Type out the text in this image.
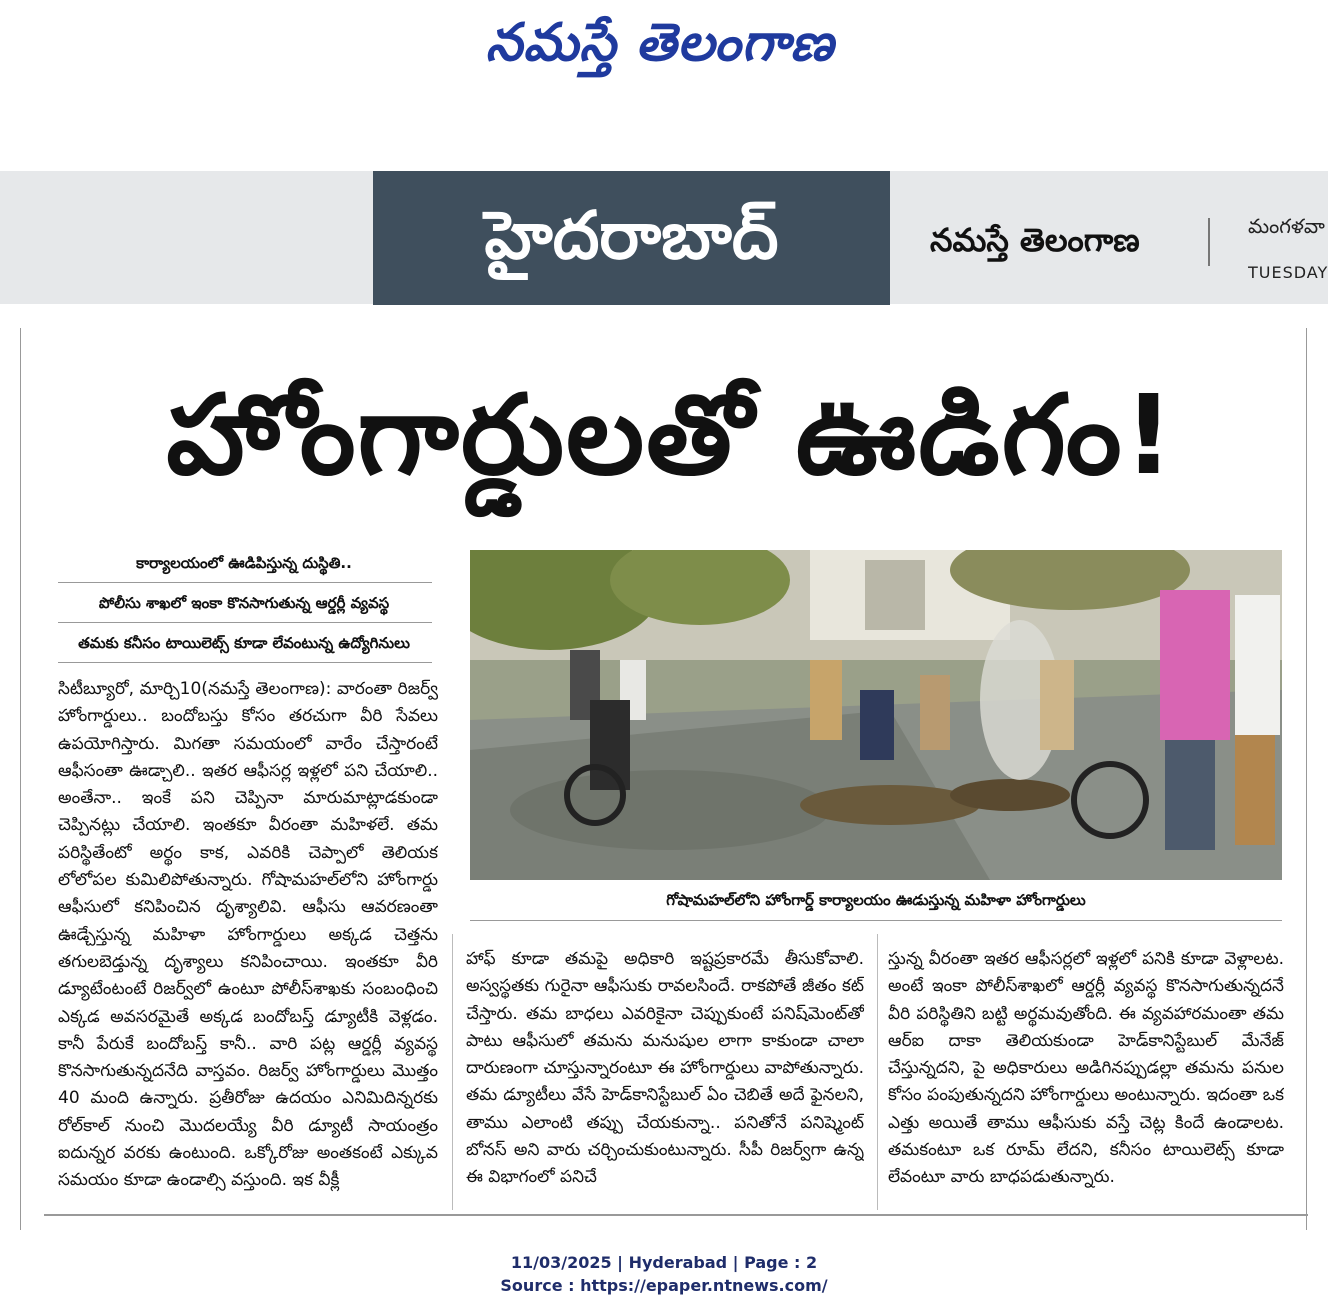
నమస్తే తెలంగాణ
హైదరాబాద్	నమస్తే తెలంగాణ	మంగళవా
TUESDAY
హోంగార్డులతో ఊడిగం!
కార్యాలయంలో ఊడిపిస్తున్న దుస్థితి..
పోలీసు శాఖలో ఇంకా కొనసాగుతున్న ఆర్డర్లీ వ్యవస్థ
తమకు కనీసం టాయిలెట్స్ కూడా లేవంటున్న ఉద్యోగినులు
గోషామహల్‌లోని హోంగార్డ్ కార్యాలయం ఊడుస్తున్న మహిళా హోంగార్డులు

సిటీబ్యూరో, మార్చి10(నమస్తే తెలంగాణ): వారంతా రిజర్వ్ హోంగార్డులు.. బందోబస్తు కోసం తరచుగా వీరి సేవలు ఉపయోగిస్తారు. మిగతా సమయంలో వారేం చేస్తారంటే ఆఫీసంతా ఊడ్చాలి.. ఇతర ఆఫీసర్ల ఇళ్లలో పని చేయాలి.. అంతేనా.. ఇంకే పని చెప్పినా మారుమాట్లాడకుండా చెప్పినట్లు చేయాలి. ఇంతకూ వీరంతా మహిళలే. తమ పరిస్థితేంటో అర్థం కాక, ఎవరికి చెప్పాలో తెలియక లోలోపల కుమిలిపోతున్నారు. గోషామహల్‌లోని హోంగార్డు ఆఫీసులో కనిపించిన దృశ్యాలివి. ఆఫీసు ఆవరణంతా ఊడ్చేస్తున్న మహిళా హోంగార్డులు అక్కడ చెత్తను తగులబెడ్తున్న దృశ్యాలు కనిపించాయి. ఇంతకూ వీరి డ్యూటేంటంటే రిజర్వ్‌లో ఉంటూ పోలీస్‌శాఖకు సంబంధించి ఎక్కడ అవసరమైతే అక్కడ బందోబస్త్ డ్యూటీకి వెళ్లడం. కానీ పేరుకే బందోబస్త్ కానీ.. వారి పట్ల ఆర్డర్లీ వ్యవస్థ కొనసాగుతున్నదనేది వాస్తవం. రిజర్వ్ హోంగార్డులు మొత్తం 40 మంది ఉన్నారు. ప్రతీరోజు ఉదయం ఎనిమిదిన్నరకు రోల్‌కాల్ నుంచి మొదలయ్యే వీరి డ్యూటీ సాయంత్రం ఐదున్నర వరకు ఉంటుంది. ఒక్కోరోజు అంతకంటే ఎక్కువ సమయం కూడా ఉండాల్సి వస్తుంది. ఇక వీక్లీ

హాఫ్ కూడా తమపై అధికారి ఇష్టప్రకారమే తీసుకోవాలి. అస్వస్థతకు గురైనా ఆఫీసుకు రావలసిందే. రాకపోతే జీతం కట్ చేస్తారు. తమ బాధలు ఎవరికైనా చెప్పుకుంటే పనిష్‌మెంట్‌తో పాటు ఆఫీసులో తమను మనుషుల లాగా కాకుండా చాలా దారుణంగా చూస్తున్నారంటూ ఈ హోంగార్డులు వాపోతున్నారు. తమ డ్యూటీలు వేసే హెడ్‌కానిస్టేబుల్ ఏం చెబితే అదే ఫైనలని, తాము ఎలాంటి తప్పు చేయకున్నా.. పనితోనే పనిష్మెంట్ బోనస్ అని వారు చర్చించుకుంటున్నారు. సీపీ రిజర్వ్‌గా ఉన్న ఈ విభాగంలో పనిచే

స్తున్న వీరంతా ఇతర ఆఫీసర్లలో ఇళ్లలో పనికి కూడా వెళ్లాలట. అంటే ఇంకా పోలీస్‌శాఖలో ఆర్డర్లీ వ్యవస్థ కొనసాగుతున్నదనే వీరి పరిస్థితిని బట్టి అర్థమవుతోంది. ఈ వ్యవహారమంతా తమ ఆర్ఐ దాకా తెలియకుండా హెడ్‌కానిస్టేబుల్ మేనేజ్ చేస్తున్నదని, పై అధికారులు అడిగినప్పుడల్లా తమను పనుల కోసం పంపుతున్నదని హోంగార్డులు అంటున్నారు. ఇదంతా ఒక ఎత్తు అయితే తాము ఆఫీసుకు వస్తే చెట్ల కిందే ఉండాలట. తమకంటూ ఒక రూమ్ లేదని, కనీసం టాయిలెట్స్ కూడా లేవంటూ వారు బాధపడుతున్నారు.

11/03/2025 | Hyderabad | Page : 2
Source : https://epaper.ntnews.com/
